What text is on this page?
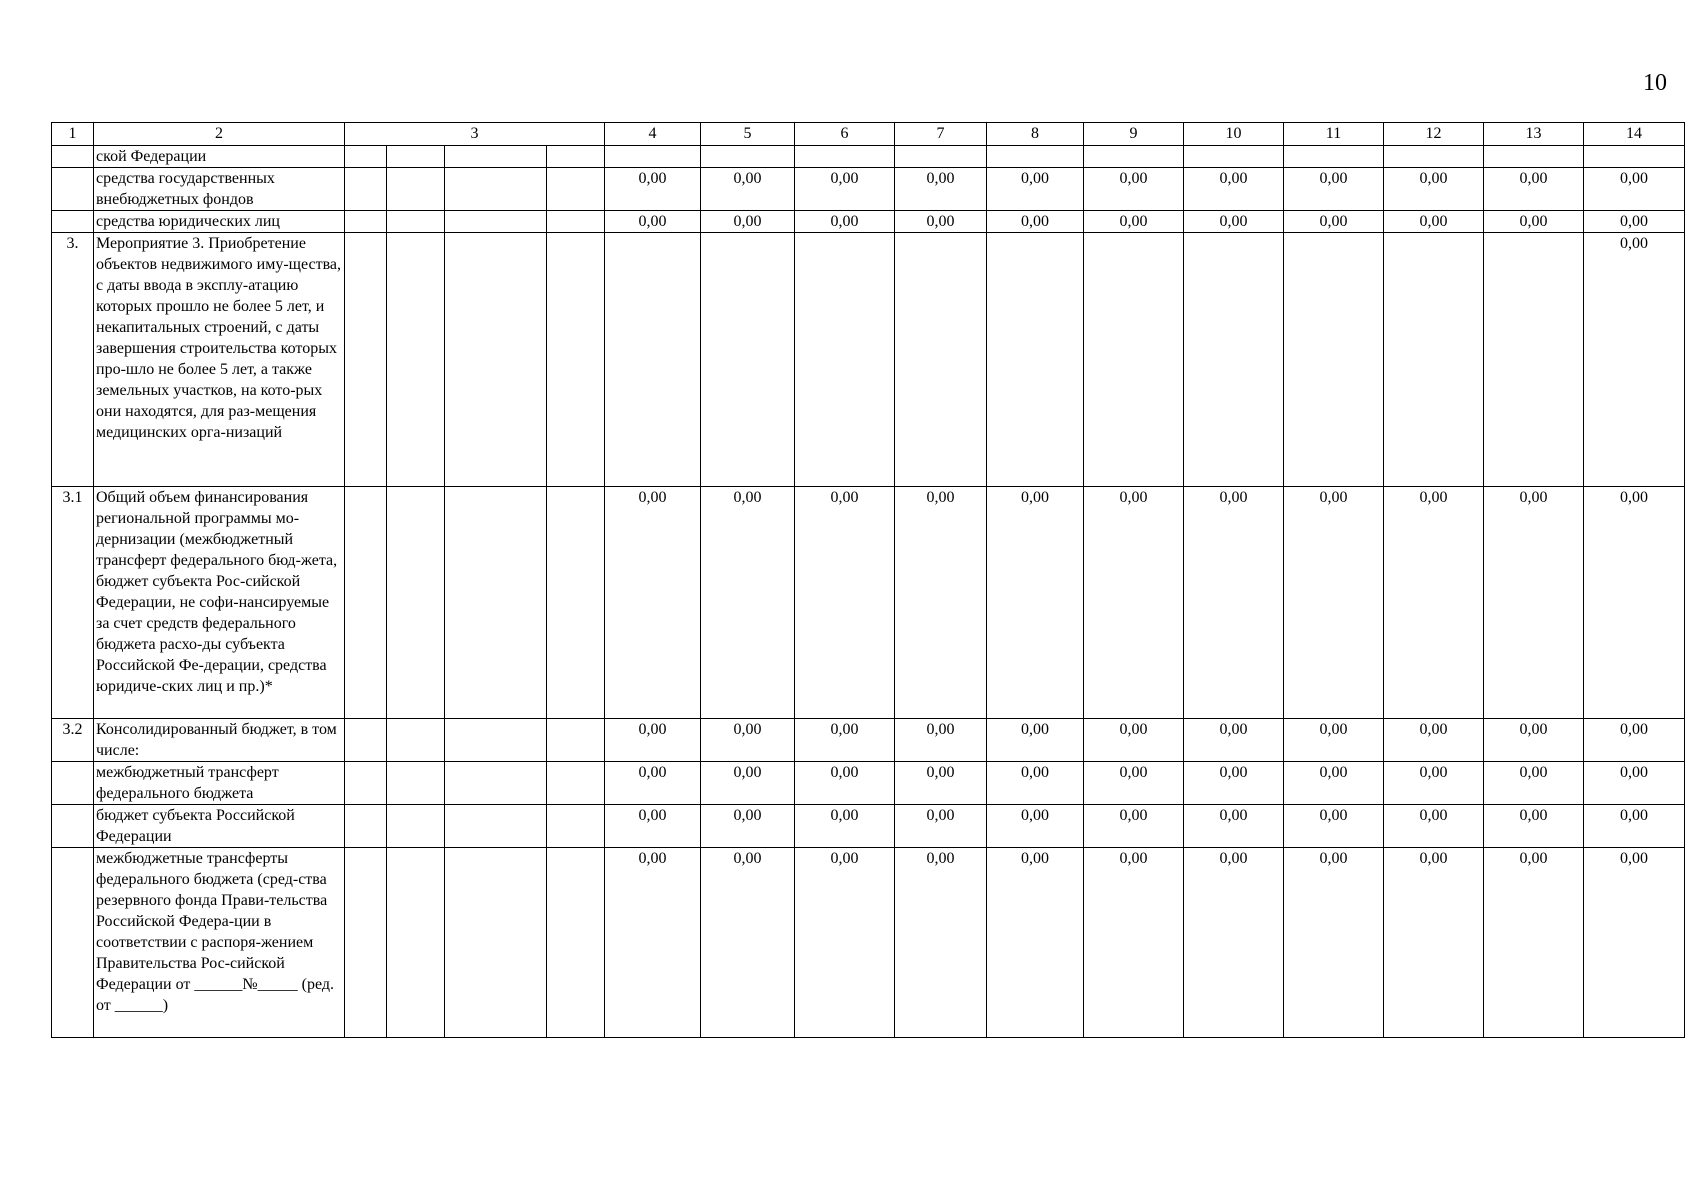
10
1	2	3				4	5	6	7	8	9	10	11	12	13	14
	ской Федерации															
	средства государственных внебюджетных фондов					0,00	0,00	0,00	0,00	0,00	0,00	0,00	0,00	0,00	0,00	0,00
	средства юридических лиц					0,00	0,00	0,00	0,00	0,00	0,00	0,00	0,00	0,00	0,00	0,00
3.	Мероприятие 3. Приобретение объектов недвижимого иму-щества, с даты ввода в эксплу-атацию которых прошло не более 5 лет, и некапитальных строений, с даты завершения строительства которых про-шло не более 5 лет, а также земельных участков, на кото-рых они находятся, для раз-мещения медицинских орга-низаций															0,00
3.1	Общий объем финансирования региональной программы мо-дернизации (межбюджетный трансферт федерального бюд-жета, бюджет субъекта Рос-сийской Федерации, не софи-нансируемые за счет средств федерального бюджета расхо-ды субъекта Российской Фе-дерации, средства юридиче-ских лиц и пр.)*					0,00	0,00	0,00	0,00	0,00	0,00	0,00	0,00	0,00	0,00	0,00
3.2	Консолидированный бюджет, в том числе:					0,00	0,00	0,00	0,00	0,00	0,00	0,00	0,00	0,00	0,00	0,00
	межбюджетный трансферт федерального бюджета					0,00	0,00	0,00	0,00	0,00	0,00	0,00	0,00	0,00	0,00	0,00
	бюджет субъекта Российской Федерации					0,00	0,00	0,00	0,00	0,00	0,00	0,00	0,00	0,00	0,00	0,00
	межбюджетные трансферты федерального бюджета (сред-ства резервного фонда Прави-тельства Российской Федера-ции в соответствии с распоря-жением Правительства Рос-сийской Федерации от ______№_____ (ред. от ______)					0,00	0,00	0,00	0,00	0,00	0,00	0,00	0,00	0,00	0,00	0,00
